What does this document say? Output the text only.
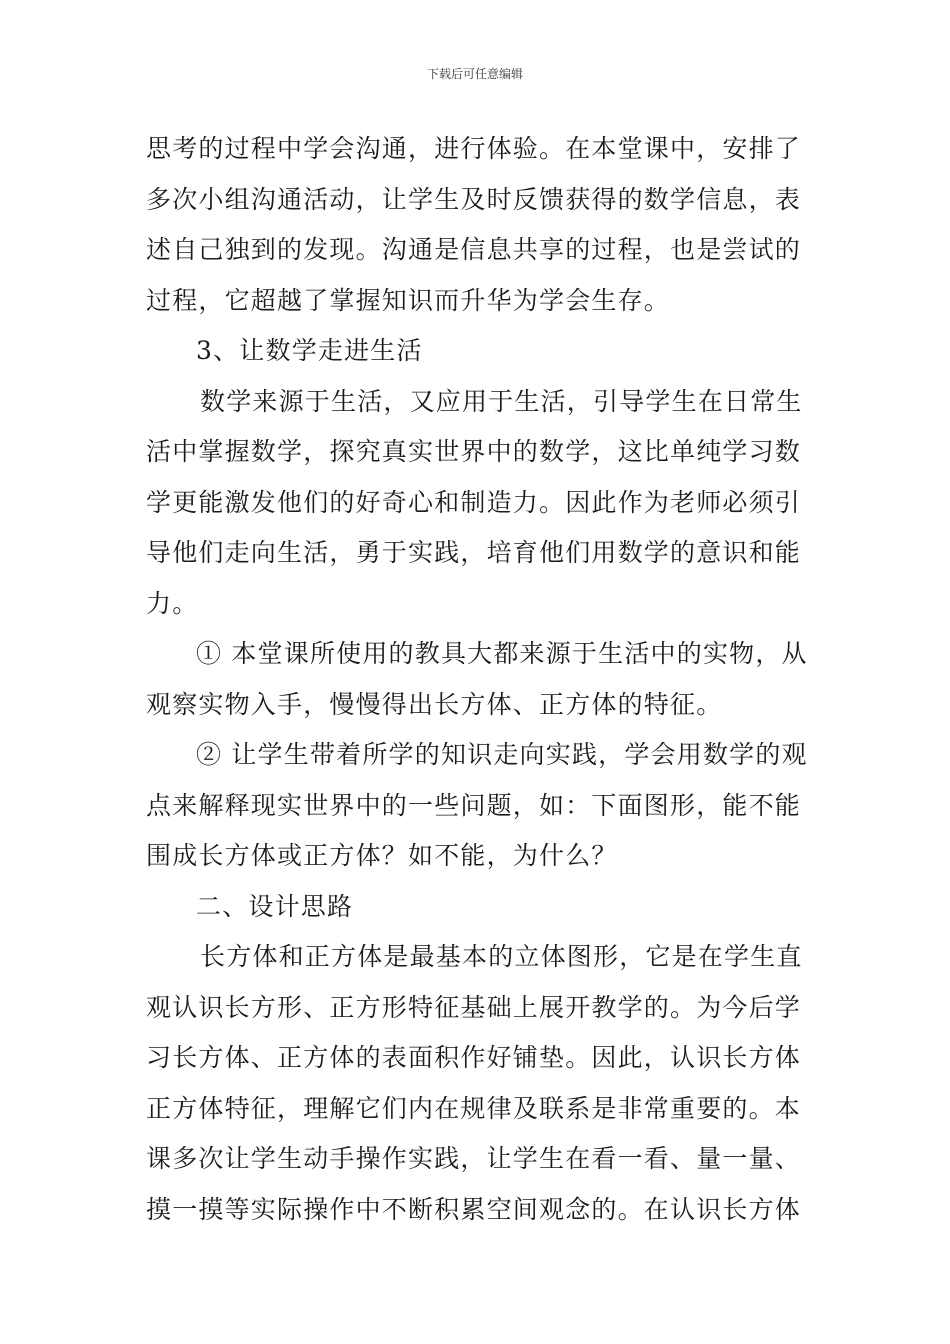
下载后可任意编辑
思考的过程中学会沟通，进行体验。在本堂课中，安排了
多次小组沟通活动，让学生及时反馈获得的数学信息，表
述自己独到的发现。沟通是信息共享的过程，也是尝试的
过程，它超越了掌握知识而升华为学会生存。
3、让数学走进生活
数学来源于生活，又应用于生活，引导学生在日常生
活中掌握数学，探究真实世界中的数学，这比单纯学习数
学更能激发他们的好奇心和制造力。因此作为老师必须引
导他们走向生活，勇于实践，培育他们用数学的意识和能
力。
① 本堂课所使用的教具大都来源于生活中的实物，从
观察实物入手，慢慢得出长方体、正方体的特征。
② 让学生带着所学的知识走向实践，学会用数学的观
点来解释现实世界中的一些问题，如：下面图形，能不能
围成长方体或正方体？如不能，为什么？
二、设计思路
长方体和正方体是最基本的立体图形，它是在学生直
观认识长方形、正方形特征基础上展开教学的。为今后学
习长方体、正方体的表面积作好铺垫。因此，认识长方体
正方体特征，理解它们内在规律及联系是非常重要的。本
课多次让学生动手操作实践，让学生在看一看、量一量、
摸一摸等实际操作中不断积累空间观念的。在认识长方体
